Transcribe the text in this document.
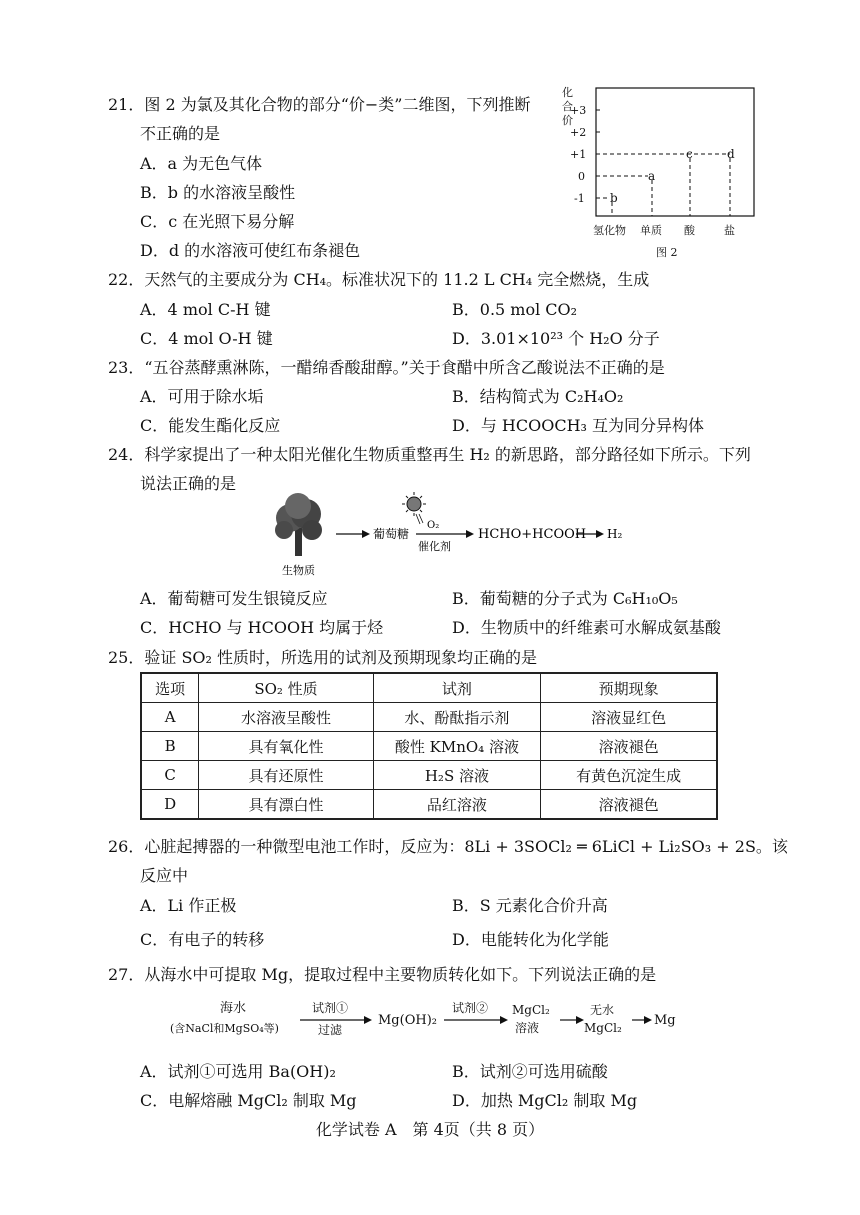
21．图 2 为氯及其化合物的部分“价−类”二维图，下列推断
不正确的是
A．a 为无色气体
B．b 的水溶液呈酸性
C．c 在光照下易分解
D．d 的水溶液可使红布条褪色
化
合
价
+3
+2
+1
0
-1
a
b
c	d
氢化物 单质 酸	盐
图 2
22．天然气的主要成分为 CH₄。标准状况下的 11.2 L CH₄ 完全燃烧，生成
A．4 mol C-H 键	B．0.5 mol CO₂
C．4 mol O-H 键	D．3.01×10²³ 个 H₂O 分子
23．“五谷蒸酵熏淋陈，一醋绵香酸甜醇。”关于食醋中所含乙酸说法不正确的是
A．可用于除水垢	B．结构简式为 C₂H₄O₂
C．能发生酯化反应	D．与 HCOOCH₃ 互为同分异构体
24．科学家提出了一种太阳光催化生物质重整再生 H₂ 的新思路，部分路径如下所示。下列
说法正确的是
生物质
葡萄糖
O₂
催化剂
HCHO+HCOOH H₂
A．葡萄糖可发生银镜反应	B．葡萄糖的分子式为 C₆H₁₀O₅
C．HCHO 与 HCOOH 均属于烃	D．生物质中的纤维素可水解成氨基酸
25．验证 SO₂ 性质时，所选用的试剂及预期现象均正确的是
选项	SO₂ 性质	试剂	预期现象
A	水溶液呈酸性	水、酚酞指示剂	溶液显红色
B	具有氧化性	酸性 KMnO₄ 溶液	溶液褪色
C	具有还原性	H₂S 溶液	有黄色沉淀生成
D	具有漂白性	品红溶液	溶液褪色
26．心脏起搏器的一种微型电池工作时，反应为：8Li + 3SOCl₂ ═ 6LiCl + Li₂SO₃ + 2S。该
反应中
A．Li 作正极	B．S 元素化合价升高
C．有电子的转移	D．电能转化为化学能
27．从海水中可提取 Mg，提取过程中主要物质转化如下。下列说法正确的是
海水
(含NaCl和MgSO₄等)
试剂①
过滤
Mg(OH)₂
试剂② MgCl₂
溶液
无水
MgCl₂ Mg
A．试剂①可选用 Ba(OH)₂	B．试剂②可选用硫酸
C．电解熔融 MgCl₂ 制取 Mg	D．加热 MgCl₂ 制取 Mg
化学试卷 A　第 4页（共 8 页）
